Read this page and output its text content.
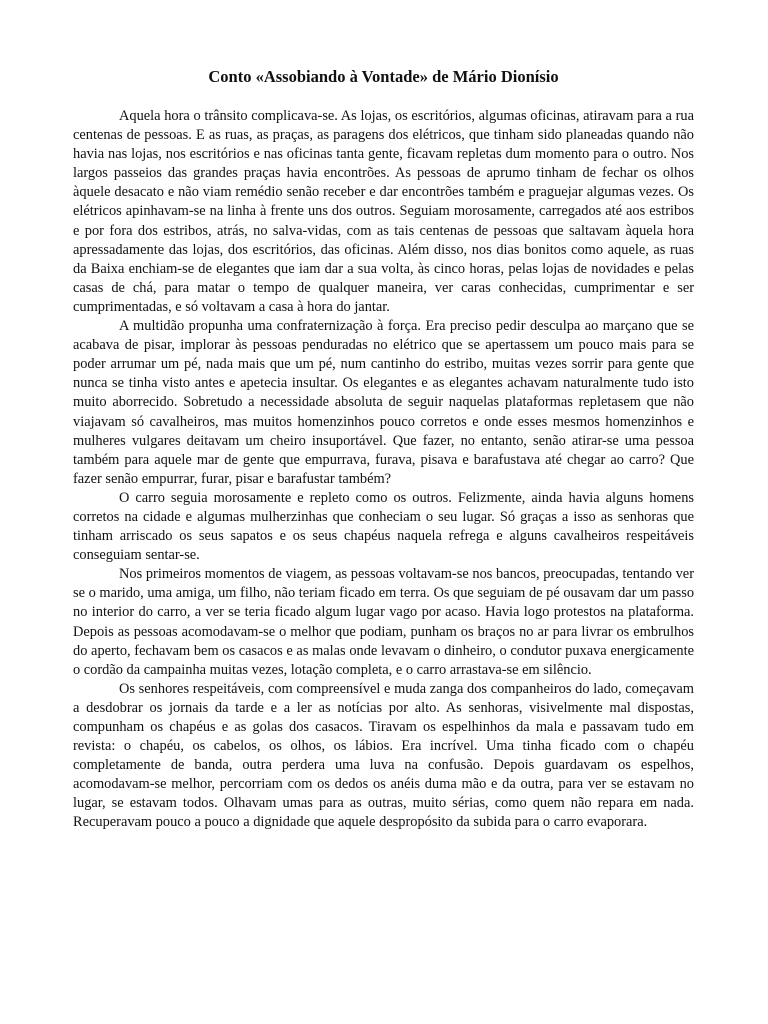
Conto «Assobiando à Vontade» de Mário Dionísio

Aquela hora o trânsito complicava-se. As lojas, os escritórios, algumas oficinas, atiravam para a rua centenas de pessoas. E as ruas, as praças, as paragens dos elétricos, que tinham sido planeadas quando não havia nas lojas, nos escritórios e nas oficinas tanta gente, ficavam repletas dum momento para o outro. Nos largos passeios das grandes praças havia encontrões. As pessoas de aprumo tinham de fechar os olhos àquele desacato e não viam remédio senão receber e dar encontrões também e praguejar algumas vezes. Os elétricos apinhavam-se na linha à frente uns dos outros. Seguiam morosamente, carregados até aos estribos e por fora dos estribos, atrás, no salva-vidas, com as tais centenas de pessoas que saltavam àquela hora apressadamente das lojas, dos escritórios, das oficinas. Além disso, nos dias bonitos como aquele, as ruas da Baixa enchiam-se de elegantes que iam dar a sua volta, às cinco horas, pelas lojas de novidades e pelas casas de chá, para matar o tempo de qualquer maneira, ver caras conhecidas, cumprimentar e ser cumprimentadas, e só voltavam a casa à hora do jantar.

A multidão propunha uma confraternização à força. Era preciso pedir desculpa ao marçano que se acabava de pisar, implorar às pessoas penduradas no elétrico que se apertassem um pouco mais para se poder arrumar um pé, nada mais que um pé, num cantinho do estribo, muitas vezes sorrir para gente que nunca se tinha visto antes e apetecia insultar. Os elegantes e as elegantes achavam naturalmente tudo isto muito aborrecido. Sobretudo a necessidade absoluta de seguir naquelas plataformas repletasem que não viajavam só cavalheiros, mas muitos homenzinhos pouco corretos e onde esses mesmos homenzinhos e mulheres vulgares deitavam um cheiro insuportável. Que fazer, no entanto, senão atirar-se uma pessoa também para aquele mar de gente que empurrava, furava, pisava e barafustava até chegar ao carro? Que fazer senão empurrar, furar, pisar e barafustar também?

O carro seguia morosamente e repleto como os outros. Felizmente, ainda havia alguns homens corretos na cidade e algumas mulherzinhas que conheciam o seu lugar. Só graças a isso as senhoras que tinham arriscado os seus sapatos e os seus chapéus naquela refrega e alguns cavalheiros respeitáveis conseguiam sentar-se.

Nos primeiros momentos de viagem, as pessoas voltavam-se nos bancos, preocupadas, tentando ver se o marido, uma amiga, um filho, não teriam ficado em terra. Os que seguiam de pé ousavam dar um passo no interior do carro, a ver se teria ficado algum lugar vago por acaso. Havia logo protestos na plataforma. Depois as pessoas acomodavam-se o melhor que podiam, punham os braços no ar para livrar os embrulhos do aperto, fechavam bem os casacos e as malas onde levavam o dinheiro, o condutor puxava energicamente o cordão da campainha muitas vezes, lotação completa, e o carro arrastava-se em silêncio.

Os senhores respeitáveis, com compreensível e muda zanga dos companheiros do lado, começavam a desdobrar os jornais da tarde e a ler as notícias por alto. As senhoras, visivelmente mal dispostas, compunham os chapéus e as golas dos casacos. Tiravam os espelhinhos da mala e passavam tudo em revista: o chapéu, os cabelos, os olhos, os lábios. Era incrível. Uma tinha ficado com o chapéu completamente de banda, outra perdera uma luva na confusão. Depois guardavam os espelhos, acomodavam-se melhor, percorriam com os dedos os anéis duma mão e da outra, para ver se estavam no lugar, se estavam todos. Olhavam umas para as outras, muito sérias, como quem não repara em nada. Recuperavam pouco a pouco a dignidade que aquele despropósito da subida para o carro evaporara.
